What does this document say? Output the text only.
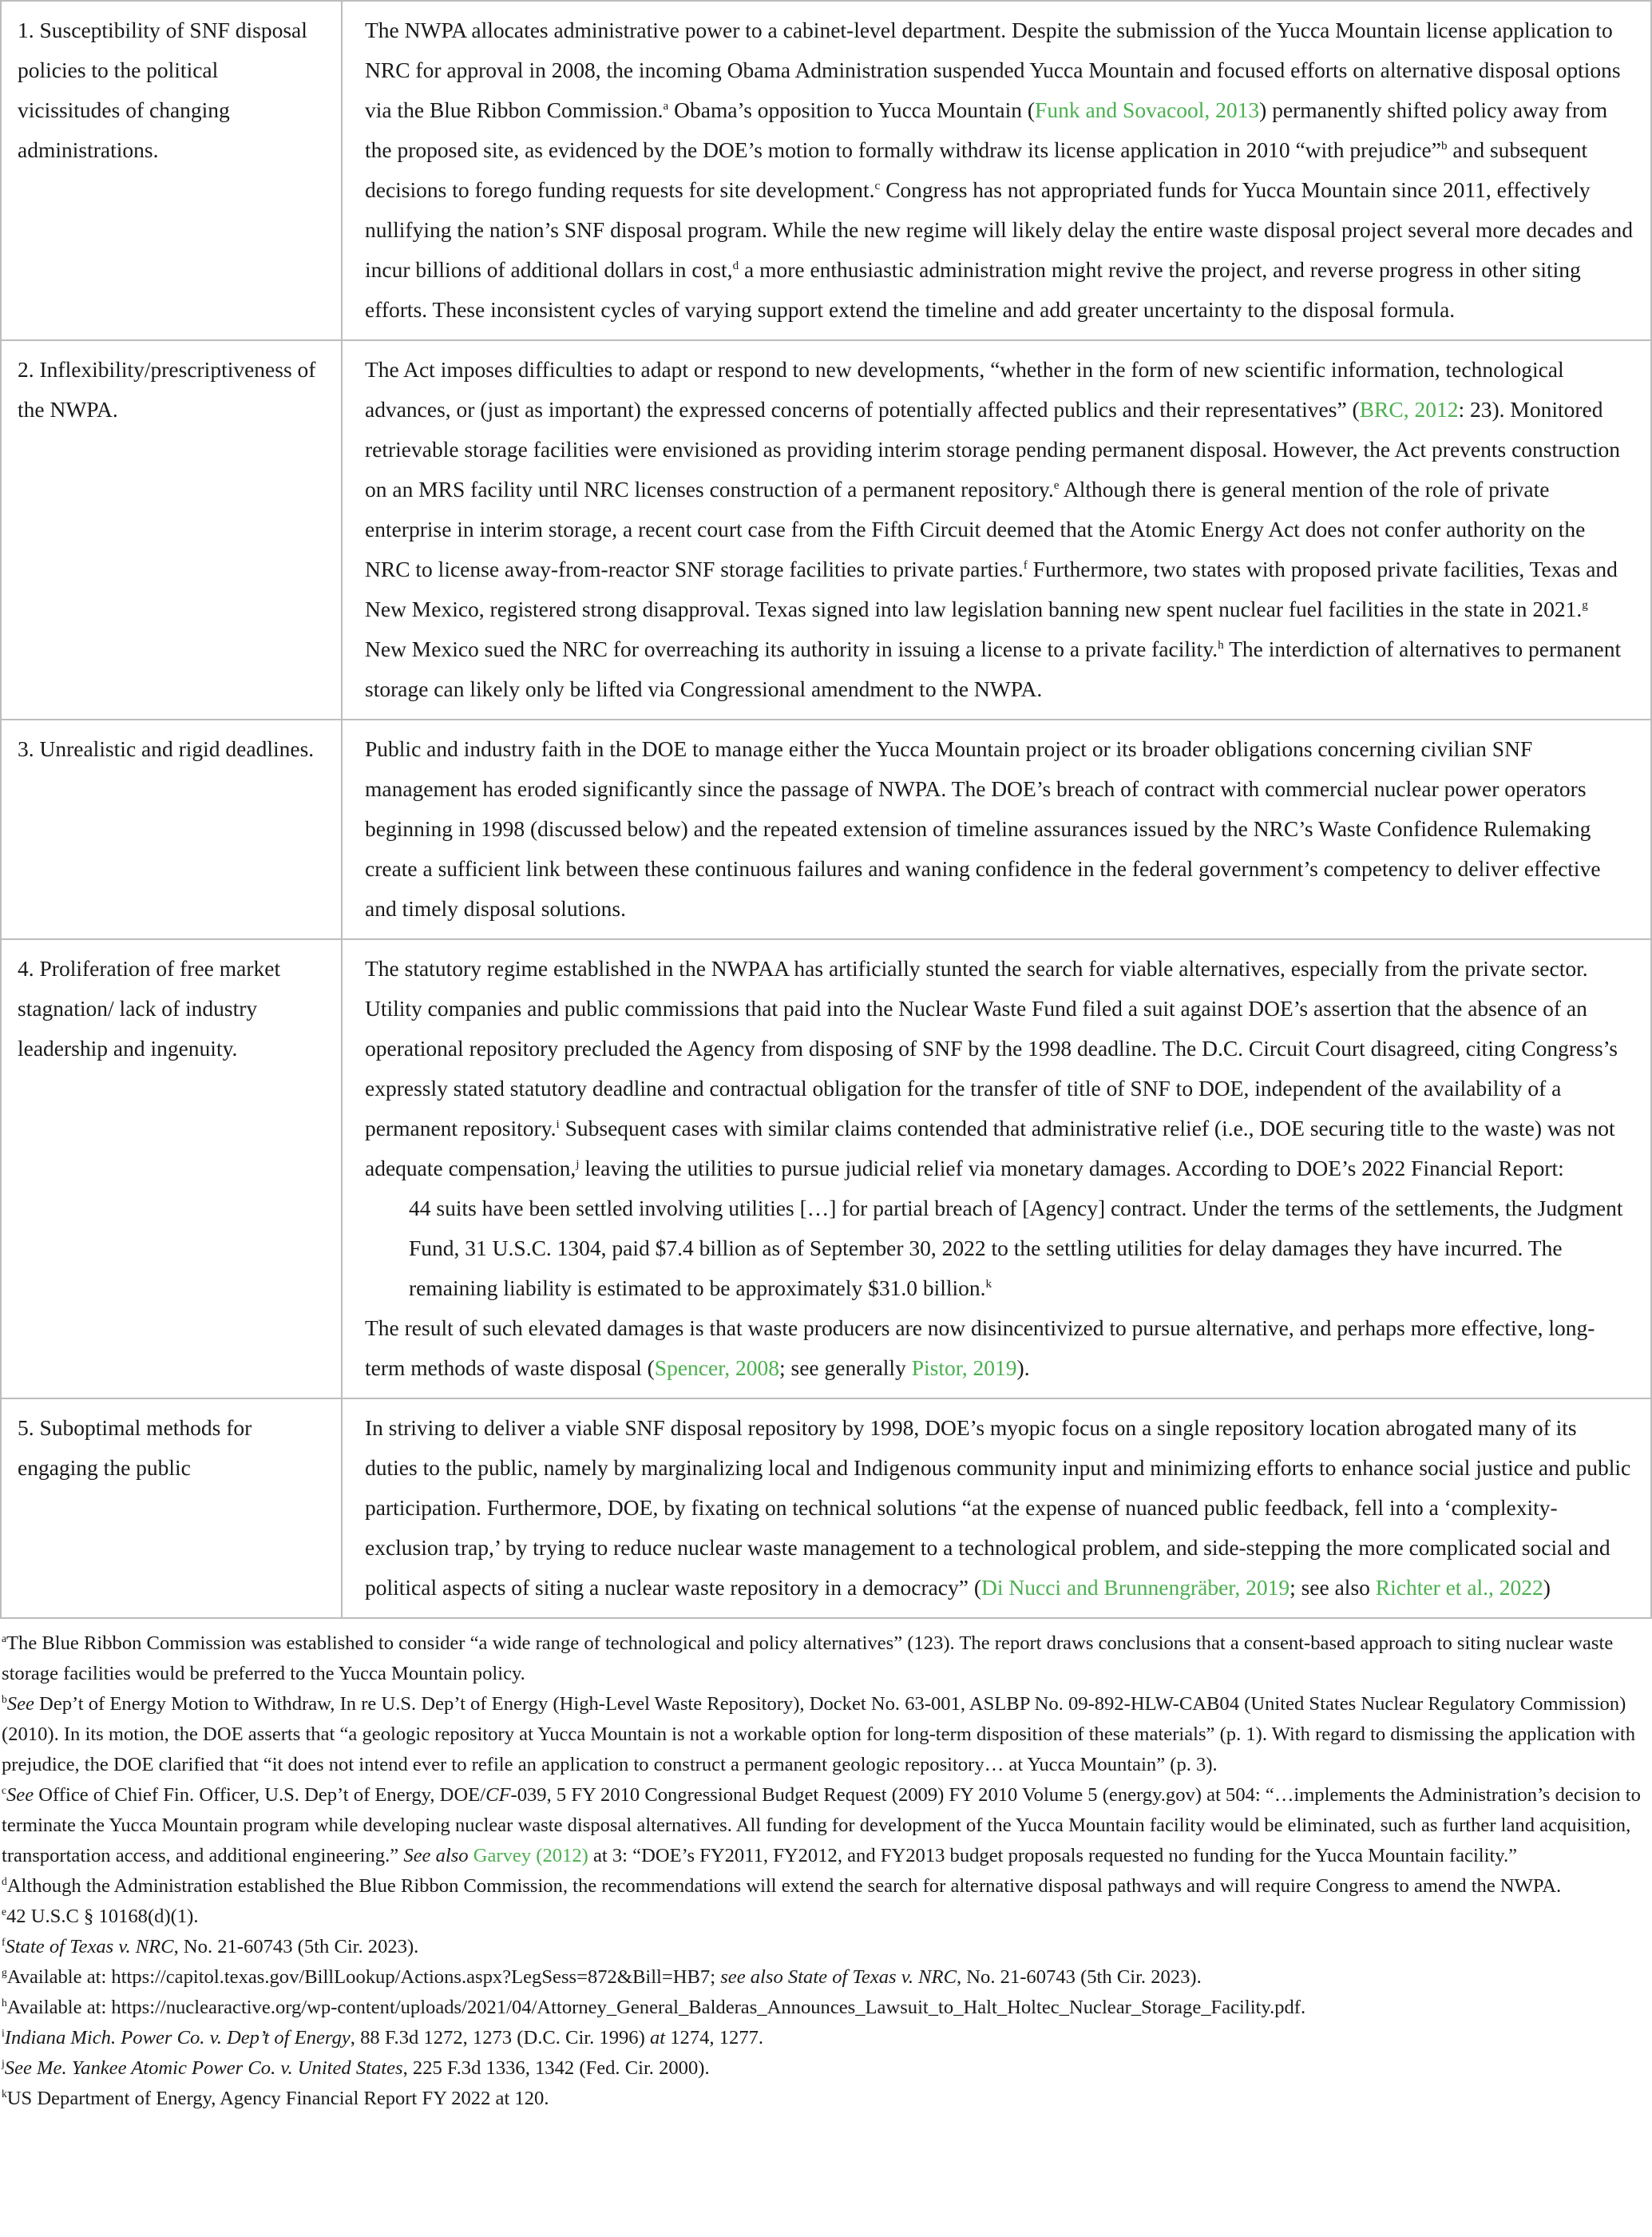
1. Susceptibility of SNF disposal policies to the political vicissitudes of changing administrations.	The NWPA allocates administrative power to a cabinet-level department. Despite the submission of the Yucca Mountain license application to NRC for approval in 2008, the incoming Obama Administration suspended Yucca Mountain and focused efforts on alternative disposal options via the Blue Ribbon Commission.$^a$ Obama’s opposition to Yucca Mountain (Funk and Sovacool, 2013) permanently shifted policy away from the proposed site, as evidenced by the DOE’s motion to formally withdraw its license application in 2010 “with prejudice”$^b$ and subsequent decisions to forego funding requests for site development.$^c$ Congress has not appropriated funds for Yucca Mountain since 2011, effectively nullifying the nation’s SNF disposal program. While the new regime will likely delay the entire waste disposal project several more decades and incur billions of additional dollars in cost,$^d$ a more enthusiastic administration might revive the project, and reverse progress in other siting efforts. These inconsistent cycles of varying support extend the timeline and add greater uncertainty to the disposal formula.
2. Inflexibility/prescriptiveness of the NWPA.	The Act imposes difficulties to adapt or respond to new developments, “whether in the form of new scientific information, technological advances, or (just as important) the expressed concerns of potentially affected publics and their representatives” (BRC, 2012: 23). Monitored retrievable storage facilities were envisioned as providing interim storage pending permanent disposal. However, the Act prevents construction on an MRS facility until NRC licenses construction of a permanent repository.$^e$ Although there is general mention of the role of private enterprise in interim storage, a recent court case from the Fifth Circuit deemed that the Atomic Energy Act does not confer authority on the NRC to license away-from-reactor SNF storage facilities to private parties.$^f$ Furthermore, two states with proposed private facilities, Texas and New Mexico, registered strong disapproval. Texas signed into law legislation banning new spent nuclear fuel facilities in the state in 2021.$^g$ New Mexico sued the NRC for overreaching its authority in issuing a license to a private facility.$^h$ The interdiction of alternatives to permanent storage can likely only be lifted via Congressional amendment to the NWPA.
3. Unrealistic and rigid deadlines.	Public and industry faith in the DOE to manage either the Yucca Mountain project or its broader obligations concerning civilian SNF management has eroded significantly since the passage of NWPA. The DOE’s breach of contract with commercial nuclear power operators beginning in 1998 (discussed below) and the repeated extension of timeline assurances issued by the NRC’s Waste Confidence Rulemaking create a sufficient link between these continuous failures and waning confidence in the federal government’s competency to deliver effective and timely disposal solutions.
4. Proliferation of free market stagnation/ lack of industry leadership and ingenuity.	The statutory regime established in the NWPAA has artificially stunted the search for viable alternatives, especially from the private sector. Utility companies and public commissions that paid into the Nuclear Waste Fund filed a suit against DOE’s assertion that the absence of an operational repository precluded the Agency from disposing of SNF by the 1998 deadline. The D.C. Circuit Court disagreed, citing Congress’s expressly stated statutory deadline and contractual obligation for the transfer of title of SNF to DOE, independent of the availability of a permanent repository.$^i$ Subsequent cases with similar claims contended that administrative relief (i.e., DOE securing title to the waste) was not adequate compensation,$^j$ leaving the utilities to pursue judicial relief via monetary damages. According to DOE’s 2022 Financial Report:
44 suits have been settled involving utilities […] for partial breach of [Agency] contract. Under the terms of the settlements, the Judgment Fund, 31 U.S.C. 1304, paid $7.4 billion as of September 30, 2022 to the settling utilities for delay damages they have incurred. The remaining liability is estimated to be approximately $31.0 billion.$^k$
The result of such elevated damages is that waste producers are now disincentivized to pursue alternative, and perhaps more effective, long-term methods of waste disposal (Spencer, 2008; see generally Pistor, 2019).

5. Suboptimal methods for engaging the public	In striving to deliver a viable SNF disposal repository by 1998, DOE’s myopic focus on a single repository location abrogated many of its duties to the public, namely by marginalizing local and Indigenous community input and minimizing efforts to enhance social justice and public participation. Furthermore, DOE, by fixating on technical solutions “at the expense of nuanced public feedback, fell into a ‘complexity-exclusion trap,’ by trying to reduce nuclear waste management to a technological problem, and side-stepping the more complicated social and political aspects of siting a nuclear waste repository in a democracy” (Di Nucci and Brunnengräber, 2019; see also Richter et al., 2022)

$^a$The Blue Ribbon Commission was established to consider “a wide range of technological and policy alternatives” (123). The report draws conclusions that a consent-based approach to siting nuclear waste storage facilities would be preferred to the Yucca Mountain policy.

$^b$See Dep’t of Energy Motion to Withdraw, In re U.S. Dep’t of Energy (High-Level Waste Repository), Docket No. 63-001, ASLBP No. 09-892-HLW-CAB04 (United States Nuclear Regulatory Commission) (2010). In its motion, the DOE asserts that “a geologic repository at Yucca Mountain is not a workable option for long-term disposition of these materials” (p. 1). With regard to dismissing the application with prejudice, the DOE clarified that “it does not intend ever to refile an application to construct a permanent geologic repository… at Yucca Mountain” (p. 3).

$^c$See Office of Chief Fin. Officer, U.S. Dep’t of Energy, DOE/CF-039, 5 FY 2010 Congressional Budget Request (2009) FY 2010 Volume 5 (energy.gov) at 504: “…implements the Administration’s decision to terminate the Yucca Mountain program while developing nuclear waste disposal alternatives. All funding for development of the Yucca Mountain facility would be eliminated, such as further land acquisition, transportation access, and additional engineering.” See also Garvey (2012) at 3: “DOE’s FY2011, FY2012, and FY2013 budget proposals requested no funding for the Yucca Mountain facility.”

$^d$Although the Administration established the Blue Ribbon Commission, the recommendations will extend the search for alternative disposal pathways and will require Congress to amend the NWPA.

$^e$42 U.S.C § 10168(d)(1).

$^f$State of Texas v. NRC, No. 21-60743 (5th Cir. 2023).

$^g$Available at: https://capitol.texas.gov/BillLookup/Actions.aspx?LegSess=872&Bill=HB7; see also State of Texas v. NRC, No. 21-60743 (5th Cir. 2023).

$^h$Available at: https://nuclearactive.org/wp-content/uploads/2021/04/Attorney_General_Balderas_Announces_Lawsuit_to_Halt_Holtec_Nuclear_Storage_Facility.pdf.

$^i$Indiana Mich. Power Co. v. Dep’t of Energy, 88 F.3d 1272, 1273 (D.C. Cir. 1996) at 1274, 1277.

$^j$See Me. Yankee Atomic Power Co. v. United States, 225 F.3d 1336, 1342 (Fed. Cir. 2000).

$^k$US Department of Energy, Agency Financial Report FY 2022 at 120.
